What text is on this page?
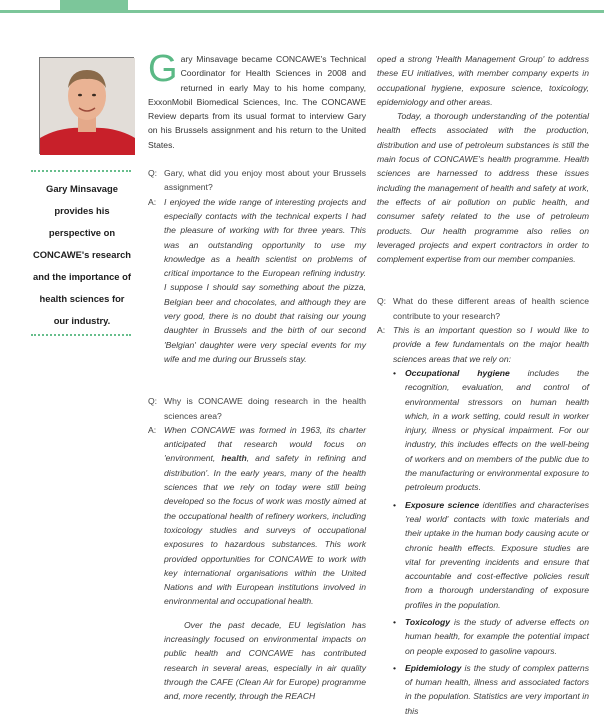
Gary Minsavage
provides his
perspective on
CONCAWE's research
and the importance of
health sciences for
our industry.

Gary Minsavage became CONCAWE's Technical Coordinator for Health Sciences in 2008 and returned in early May to his home company, ExxonMobil Biomedical Sciences, Inc. The CONCAWE Review departs from its usual format to interview Gary on his Brussels assignment and his return to the United States.

Q: Gary, what did you enjoy most about your Brussels assignment?
A: I enjoyed the wide range of interesting projects and especially contacts with the technical experts I had the pleasure of working with for three years. This was an outstanding opportunity to use my knowledge as a health scientist on problems of critical importance to the European refining industry. I suppose I should say something about the pizza, Belgian beer and chocolates, and although they are very good, there is no doubt that raising our young daughter in Brussels and the birth of our second 'Belgian' daughter were very special events for my wife and me during our Brussels stay.
Q: Why is CONCAWE doing research in the health sciences area?
A: When CONCAWE was formed in 1963, its charter anticipated that research would focus on 'environment, health, and safety in refining and distribution'. In the early years, many of the health sciences that we rely on today were still being developed so the focus of work was mostly aimed at the occupational health of refinery workers, including toxicology studies and surveys of occupational exposures to hazardous substances. This work provided opportunities for CONCAWE to work with key international organisations within the United Nations and with European institutions involved in environmental and occupational health.

Over the past decade, EU legislation has increasingly focused on environmental impacts on public health and CONCAWE has contributed research in several areas, especially in air quality through the CAFE (Clean Air for Europe) programme and, more recently, through the REACH

oped a strong 'Health Management Group' to address these EU initiatives, with member company experts in occupational hygiene, exposure science, toxicology, epidemiology and other areas.

Today, a thorough understanding of the potential health effects associated with the production, distribution and use of petroleum substances is still the main focus of CONCAWE's health programme. Health sciences are harnessed to address these issues including the management of health and safety at work, the effects of air pollution on public health, and consumer safety related to the use of petroleum products. Our health programme also relies on leveraged projects and expert contractors in order to complement expertise from our member companies.

Q: What do these different areas of health science contribute to your research?
A: This is an important question so I would like to provide a few fundamentals on the major health sciences areas that we rely on:
• Occupational hygiene includes the recognition, evaluation, and control of environmental stressors on human health which, in a work setting, could result in worker injury, illness or physical impairment. For our industry, this includes effects on the well-being of workers and on members of the public due to the manufacturing or environmental exposure to petroleum products.
• Exposure science identifies and characterises 'real world' contacts with toxic materials and their uptake in the human body causing acute or chronic health effects. Exposure studies are vital for preventing incidents and ensure that accountable and cost-effective policies result from a thorough understanding of exposure profiles in the population.
• Toxicology is the study of adverse effects on human health, for example the potential impact on people exposed to gasoline vapours.
• Epidemiology is the study of complex patterns of human health, illness and associated factors in the population. Statistics are very important in this
